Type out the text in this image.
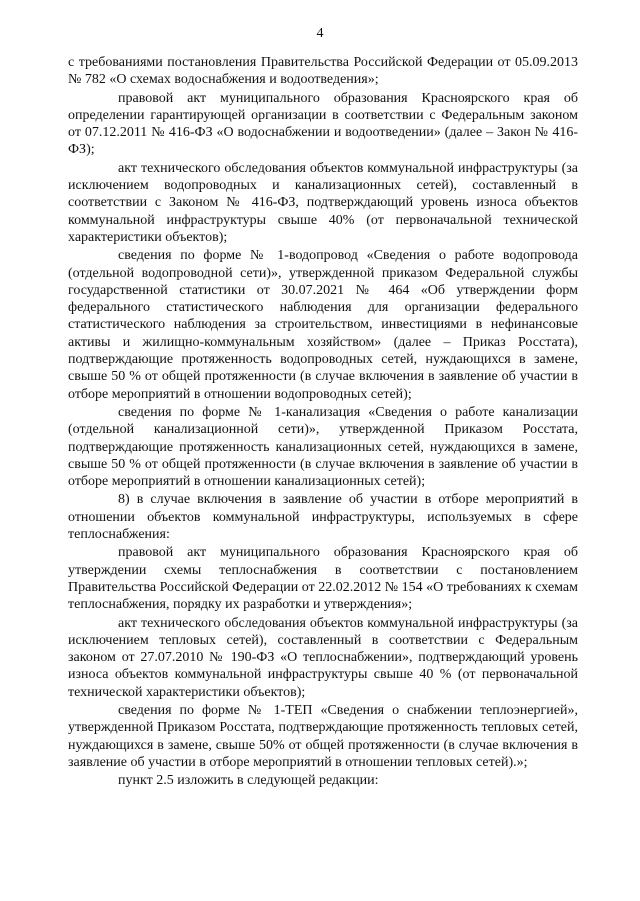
4

с требованиями постановления Правительства Российской Федерации от 05.09.2013 № 782 «О схемах водоснабжения и водоотведения»;

правовой акт муниципального образования Красноярского края об определении гарантирующей организации в соответствии с Федеральным законом от 07.12.2011 № 416-ФЗ «О водоснабжении и водоотведении» (далее – Закон № 416-ФЗ);

акт технического обследования объектов коммунальной инфраструктуры (за исключением водопроводных и канализационных сетей), составленный в соответствии с Законом № 416-ФЗ, подтверждающий уровень износа объектов коммунальной инфраструктуры свыше 40% (от первоначальной технической характеристики объектов);

сведения по форме № 1-водопровод «Сведения о работе водопровода (отдельной водопроводной сети)», утвержденной приказом Федеральной службы государственной статистики от 30.07.2021 № 464 «Об утверждении форм федерального статистического наблюдения для организации федерального статистического наблюдения за строительством, инвестициями в нефинансовые активы и жилищно-коммунальным хозяйством» (далее – Приказ Росстата), подтверждающие протяженность водопроводных сетей, нуждающихся в замене, свыше 50 % от общей протяженности (в случае включения в заявление об участии в отборе мероприятий в отношении водопроводных сетей);

сведения по форме № 1-канализация «Сведения о работе канализации (отдельной канализационной сети)», утвержденной Приказом Росстата, подтверждающие протяженность канализационных сетей, нуждающихся в замене, свыше 50 % от общей протяженности (в случае включения в заявление об участии в отборе мероприятий в отношении канализационных сетей);

8) в случае включения в заявление об участии в отборе мероприятий в отношении объектов коммунальной инфраструктуры, используемых в сфере теплоснабжения:

правовой акт муниципального образования Красноярского края об утверждении схемы теплоснабжения в соответствии с постановлением Правительства Российской Федерации от 22.02.2012 № 154 «О требованиях к схемам теплоснабжения, порядку их разработки и утверждения»;

акт технического обследования объектов коммунальной инфраструктуры (за исключением тепловых сетей), составленный в соответствии с Федеральным законом от 27.07.2010 № 190-ФЗ «О теплоснабжении», подтверждающий уровень износа объектов коммунальной инфраструктуры свыше 40 % (от первоначальной технической характеристики объектов);

сведения по форме № 1-ТЕП «Сведения о снабжении теплоэнергией», утвержденной Приказом Росстата, подтверждающие протяженность тепловых сетей, нуждающихся в замене, свыше 50% от общей протяженности (в случае включения в заявление об участии в отборе мероприятий в отношении тепловых сетей).»;

пункт 2.5 изложить в следующей редакции:
